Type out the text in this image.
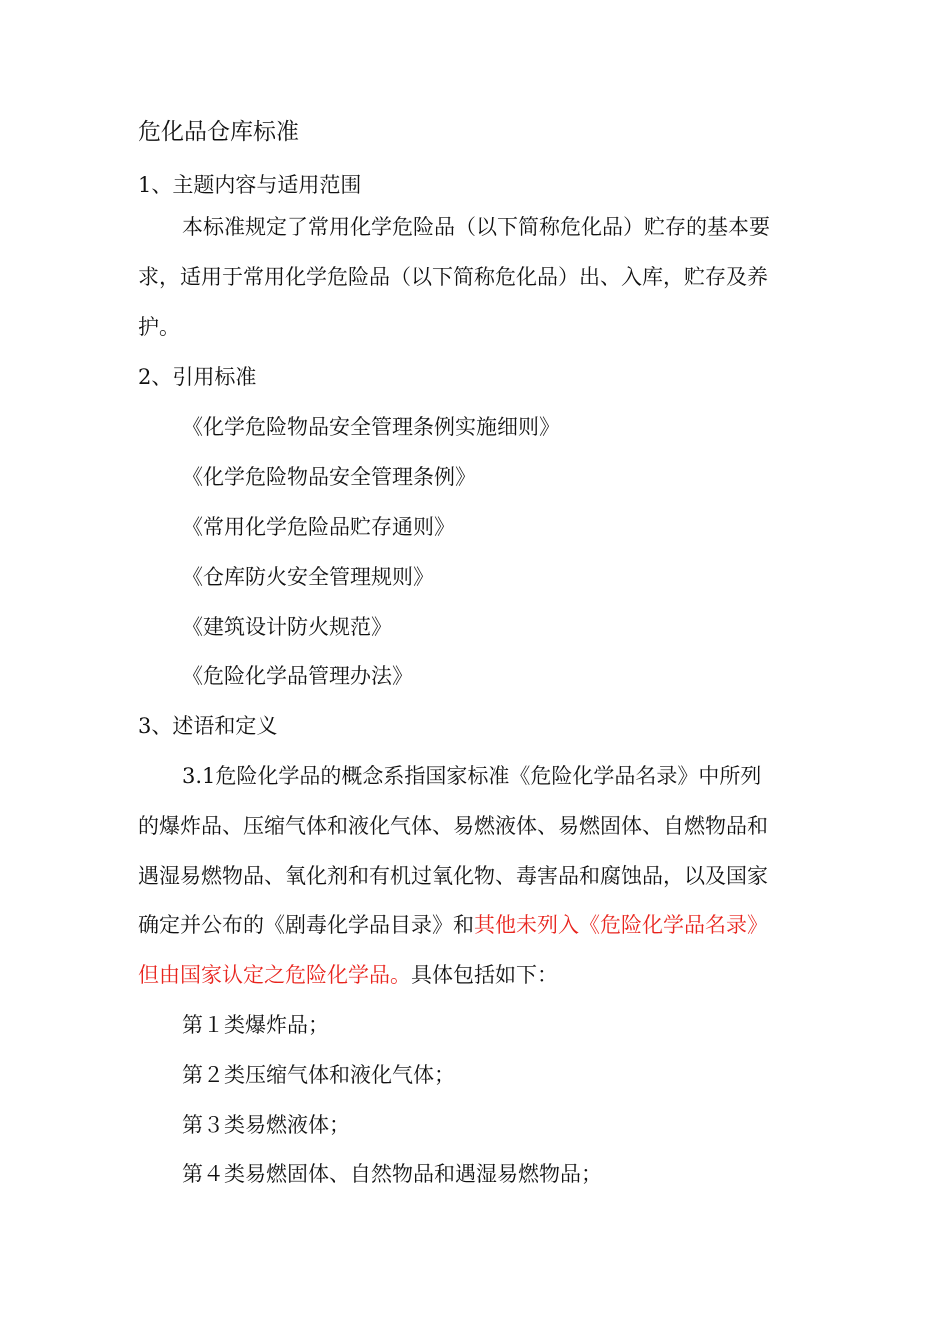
危化品仓库标准
1、主题内容与适用范围
本标准规定了常用化学危险品（以下简称危化品）贮存的基本要
求，适用于常用化学危险品（以下简称危化品）出、入库，贮存及养
护。
2、引用标准
《化学危险物品安全管理条例实施细则》
《化学危险物品安全管理条例》
《常用化学危险品贮存通则》
《仓库防火安全管理规则》
《建筑设计防火规范》
《危险化学品管理办法》
3、述语和定义
3.1危险化学品的概念系指国家标准《危险化学品名录》中所列
的爆炸品、压缩气体和液化气体、易燃液体、易燃固体、自燃物品和
遇湿易燃物品、氧化剂和有机过氧化物、毒害品和腐蚀品，以及国家
确定并公布的《剧毒化学品目录》和其他未列入《危险化学品名录》
但由国家认定之危险化学品。具体包括如下：
第１类爆炸品；
第２类压缩气体和液化气体；
第３类易燃液体；
第４类易燃固体、自然物品和遇湿易燃物品；
